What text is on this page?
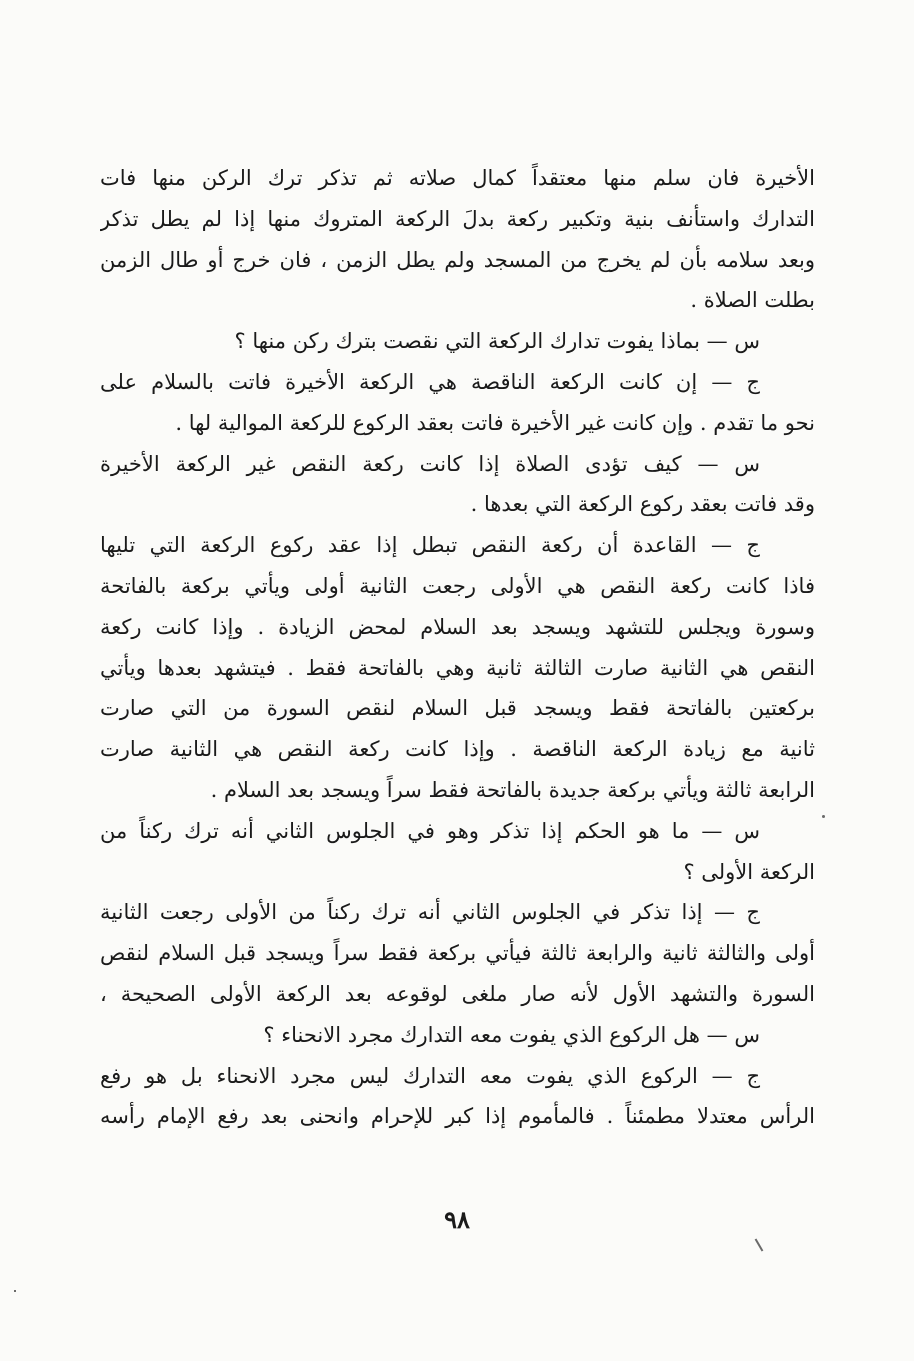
الأخيرة فان سلم منها معتقداً كمال صلاته ثم تذكر ترك الركن منها فات
التدارك واستأنف بنية وتكبير ركعة بدلَ الركعة المتروك منها إذا لم يطل تذكر
وبعد سلامه بأن لم يخرج من المسجد ولم يطل الزمن ، فان خرج أو طال الزمن
بطلت الصلاة .
س — بماذا يفوت تدارك الركعة التي نقصت بترك ركن منها ؟
ج — إن كانت الركعة الناقصة هي الركعة الأخيرة فاتت بالسلام على
نحو ما تقدم . وإن كانت غير الأخيرة فاتت بعقد الركوع للركعة الموالية لها .
س — كيف تؤدى الصلاة إذا كانت ركعة النقص غير الركعة الأخيرة
وقد فاتت بعقد ركوع الركعة التي بعدها .
ج — القاعدة أن ركعة النقص تبطل إذا عقد ركوع الركعة التي تليها
فاذا كانت ركعة النقص هي الأولى رجعت الثانية أولى ويأتي بركعة بالفاتحة
وسورة ويجلس للتشهد ويسجد بعد السلام لمحض الزيادة . وإذا كانت ركعة
النقص هي الثانية صارت الثالثة ثانية وهي بالفاتحة فقط . فيتشهد بعدها ويأتي
بركعتين بالفاتحة فقط ويسجد قبل السلام لنقص السورة من التي صارت
ثانية مع زيادة الركعة الناقصة . وإذا كانت ركعة النقص هي الثانية صارت
الرابعة ثالثة ويأتي بركعة جديدة بالفاتحة فقط سراً ويسجد بعد السلام .
س — ما هو الحكم إذا تذكر وهو في الجلوس الثاني أنه ترك ركناً من
الركعة الأولى ؟
ج — إذا تذكر في الجلوس الثاني أنه ترك ركناً من الأولى رجعت الثانية
أولى والثالثة ثانية والرابعة ثالثة فيأتي بركعة فقط سراً ويسجد قبل السلام لنقص
السورة والتشهد الأول لأنه صار ملغى لوقوعه بعد الركعة الأولى الصحيحة ،
س — هل الركوع الذي يفوت معه التدارك مجرد الانحناء ؟
ج — الركوع الذي يفوت معه التدارك ليس مجرد الانحناء بل هو رفع
الرأس معتدلا مطمئناً . فالمأموم إذا كبر للإحرام وانحنى بعد رفع الإمام رأسه
٩٨
